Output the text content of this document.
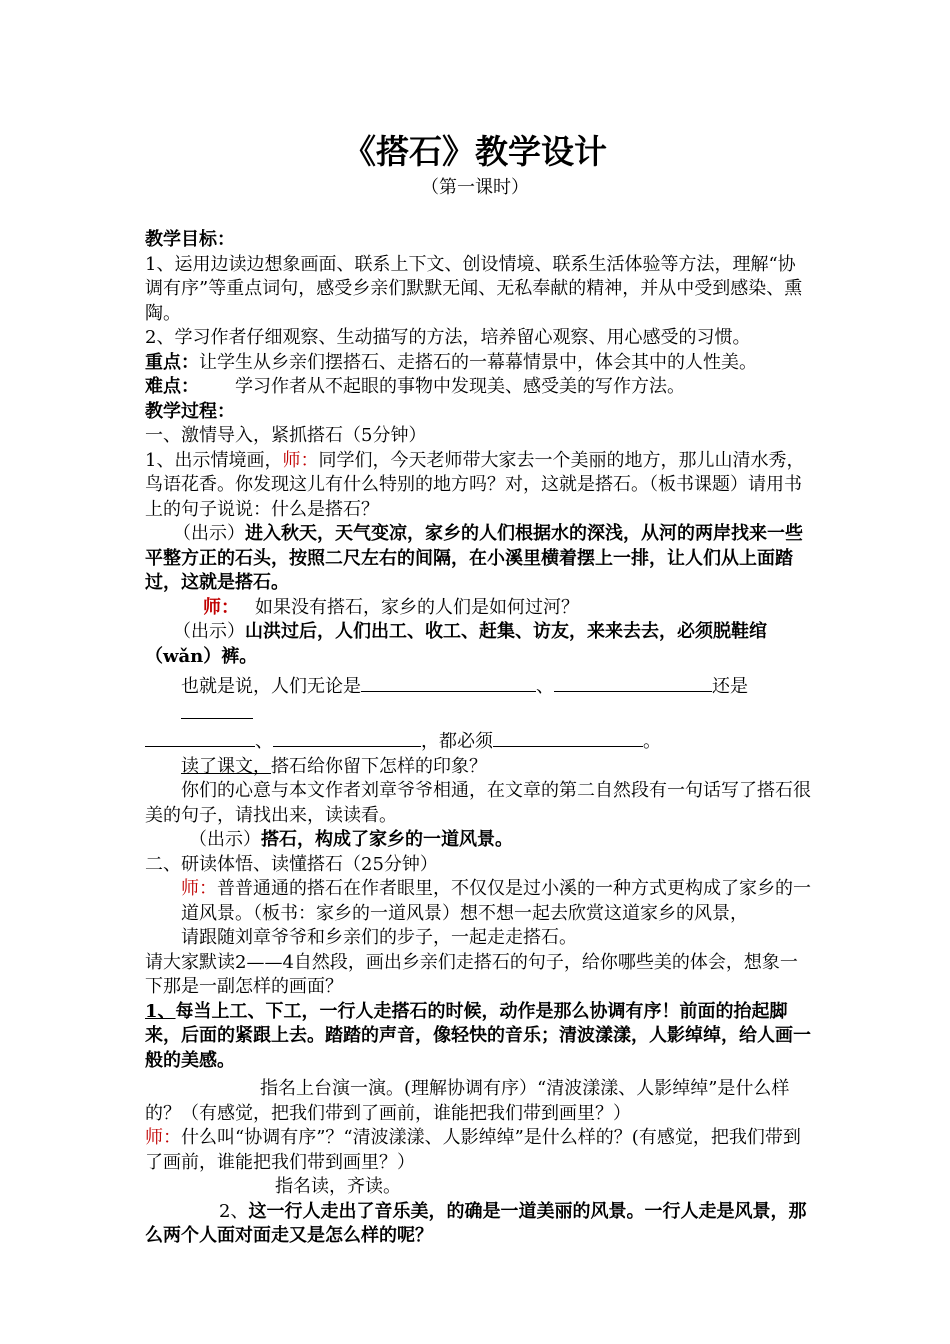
《搭石》教学设计
（第一课时）

教学目标：

1、运用边读边想象画面、联系上下文、创设情境、联系生活体验等方法，理解“协调有序”等重点词句，感受乡亲们默默无闻、无私奉献的精神，并从中受到感染、熏陶。

2、学习作者仔细观察、生动描写的方法，培养留心观察、用心感受的习惯。

重点：让学生从乡亲们摆搭石、走搭石的一幕幕情景中，体会其中的人性美。

难点： 学习作者从不起眼的事物中发现美、感受美的写作方法。

教学过程：

一、激情导入，紧抓搭石（5分钟）

1、出示情境画，师：同学们，今天老师带大家去一个美丽的地方，那儿山清水秀，鸟语花香。你发现这儿有什么特别的地方吗？对，这就是搭石。（板书课题）请用书上的句子说说：什么是搭石？

（出示）进入秋天，天气变凉，家乡的人们根据水的深浅，从河的两岸找来一些平整方正的石头，按照二尺左右的间隔，在小溪里横着摆上一排，让人们从上面踏过，这就是搭石。

师： 如果没有搭石，家乡的人们是如何过河？

（出示）山洪过后，人们出工、收工、赶集、访友，来来去去，必须脱鞋绾（wǎn）裤。

也就是说，人们无论是	、	还是

、	，都必须	。

读了课文，搭石给你留下怎样的印象？

你们的心意与本文作者刘章爷爷相通，在文章的第二自然段有一句话写了搭石很美的句子，请找出来，读读看。

（出示）搭石，构成了家乡的一道风景。

二、研读体悟、读懂搭石（25分钟）

师：普普通通的搭石在作者眼里，不仅仅是过小溪的一种方式更构成了家乡的一道风景。（板书：家乡的一道风景）想不想一起去欣赏这道家乡的风景，

请跟随刘章爷爷和乡亲们的步子，一起走走搭石。

请大家默读2——4自然段，画出乡亲们走搭石的句子，给你哪些美的体会，想象一下那是一副怎样的画面？

1、每当上工、下工，一行人走搭石的时候，动作是那么协调有序！前面的抬起脚来，后面的紧跟上去。踏踏的声音，像轻快的音乐；清波漾漾，人影绰绰，给人画一般的美感。

指名上台演一演。(理解协调有序）“清波漾漾、人影绰绰”是什么样的？（有感觉，把我们带到了画前，谁能把我们带到画里？）

师：什么叫“协调有序”？“清波漾漾、人影绰绰”是什么样的？(有感觉，把我们带到了画前，谁能把我们带到画里？）

指名读，齐读。

2、这一行人走出了音乐美，的确是一道美丽的风景。一行人走是风景，那么两个人面对面走又是怎么样的呢？
